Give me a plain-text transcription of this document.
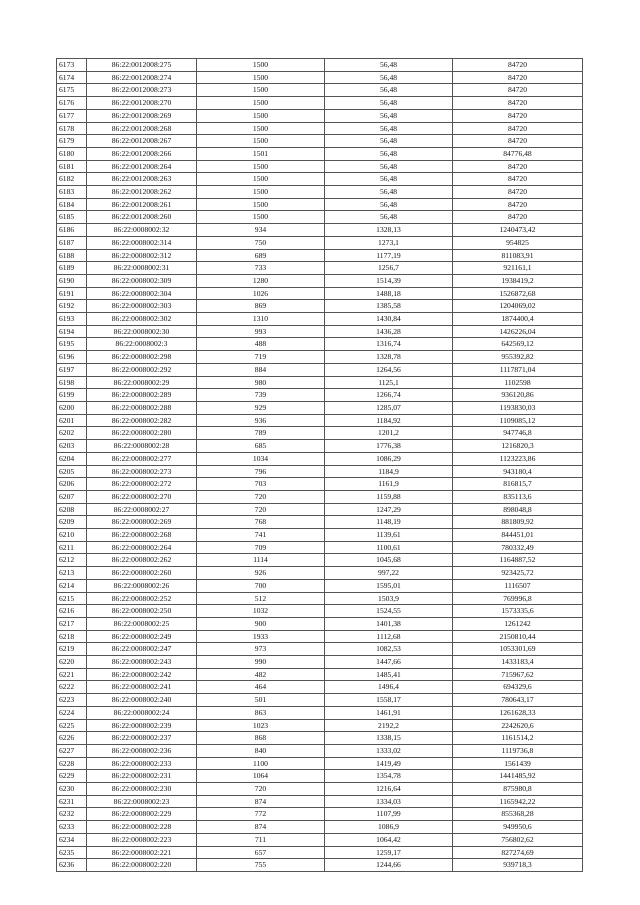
6173	86:22:0012008:275	1500	56,48	84720
6174	86:22:0012008:274	1500	56,48	84720
6175	86:22:0012008:273	1500	56,48	84720
6176	86:22:0012008:270	1500	56,48	84720
6177	86:22:0012008:269	1500	56,48	84720
6178	86:22:0012008:268	1500	56,48	84720
6179	86:22:0012008:267	1500	56,48	84720
6180	86:22:0012008:266	1501	56,48	84776,48
6181	86:22:0012008:264	1500	56,48	84720
6182	86:22:0012008:263	1500	56,48	84720
6183	86:22:0012008:262	1500	56,48	84720
6184	86:22:0012008:261	1500	56,48	84720
6185	86:22:0012008:260	1500	56,48	84720
6186	86:22:0008002:32	934	1328,13	1240473,42
6187	86:22:0008002:314	750	1273,1	954825
6188	86:22:0008002:312	689	1177,19	811083,91
6189	86:22:0008002:31	733	1256,7	921161,1
6190	86:22:0008002:309	1280	1514,39	1938419,2
6191	86:22:0008002:304	1026	1488,18	1526872,68
6192	86:22:0008002:303	869	1385,58	1204069,02
6193	86:22:0008002:302	1310	1430,84	1874400,4
6194	86:22:0008002:30	993	1436,28	1426226,04
6195	86:22:0008002:3	488	1316,74	642569,12
6196	86:22:0008002:298	719	1328,78	955392,82
6197	86:22:0008002:292	884	1264,56	1117871,04
6198	86:22:0008002:29	980	1125,1	1102598
6199	86:22:0008002:289	739	1266,74	936120,86
6200	86:22:0008002:288	929	1285,07	1193830,03
6201	86:22:0008002:282	936	1184,92	1109085,12
6202	86:22:0008002:280	789	1201,2	947746,8
6203	86:22:0008002:28	685	1776,38	1216820,3
6204	86:22:0008002:277	1034	1086,29	1123223,86
6205	86:22:0008002:273	796	1184,9	943180,4
6206	86:22:0008002:272	703	1161,9	816815,7
6207	86:22:0008002:270	720	1159,88	835113,6
6208	86:22:0008002:27	720	1247,29	898048,8
6209	86:22:0008002:269	768	1148,19	881809,92
6210	86:22:0008002:268	741	1139,61	844451,01
6211	86:22:0008002:264	709	1100,61	780332,49
6212	86:22:0008002:262	1114	1045,68	1164887,52
6213	86:22:0008002:260	926	997,22	923425,72
6214	86:22:0008002:26	700	1595,01	1116507
6215	86:22:0008002:252	512	1503,9	769996,8
6216	86:22:0008002:250	1032	1524,55	1573335,6
6217	86:22:0008002:25	900	1401,38	1261242
6218	86:22:0008002:249	1933	1112,68	2150810,44
6219	86:22:0008002:247	973	1082,53	1053301,69
6220	86:22:0008002:243	990	1447,66	1433183,4
6221	86:22:0008002:242	482	1485,41	715967,62
6222	86:22:0008002:241	464	1496,4	694329,6
6223	86:22:0008002:240	501	1558,17	780643,17
6224	86:22:0008002:24	863	1461,91	1261628,33
6225	86:22:0008002:239	1023	2192,2	2242620,6
6226	86:22:0008002:237	868	1338,15	1161514,2
6227	86:22:0008002:236	840	1333,02	1119736,8
6228	86:22:0008002:233	1100	1419,49	1561439
6229	86:22:0008002:231	1064	1354,78	1441485,92
6230	86:22:0008002:230	720	1216,64	875980,8
6231	86:22:0008002:23	874	1334,03	1165942,22
6232	86:22:0008002:229	772	1107,99	855368,28
6233	86:22:0008002:228	874	1086,9	949950,6
6234	86:22:0008002:223	711	1064,42	756802,62
6235	86:22:0008002:221	657	1259,17	827274,69
6236	86:22:0008002:220	755	1244,66	939718,3
